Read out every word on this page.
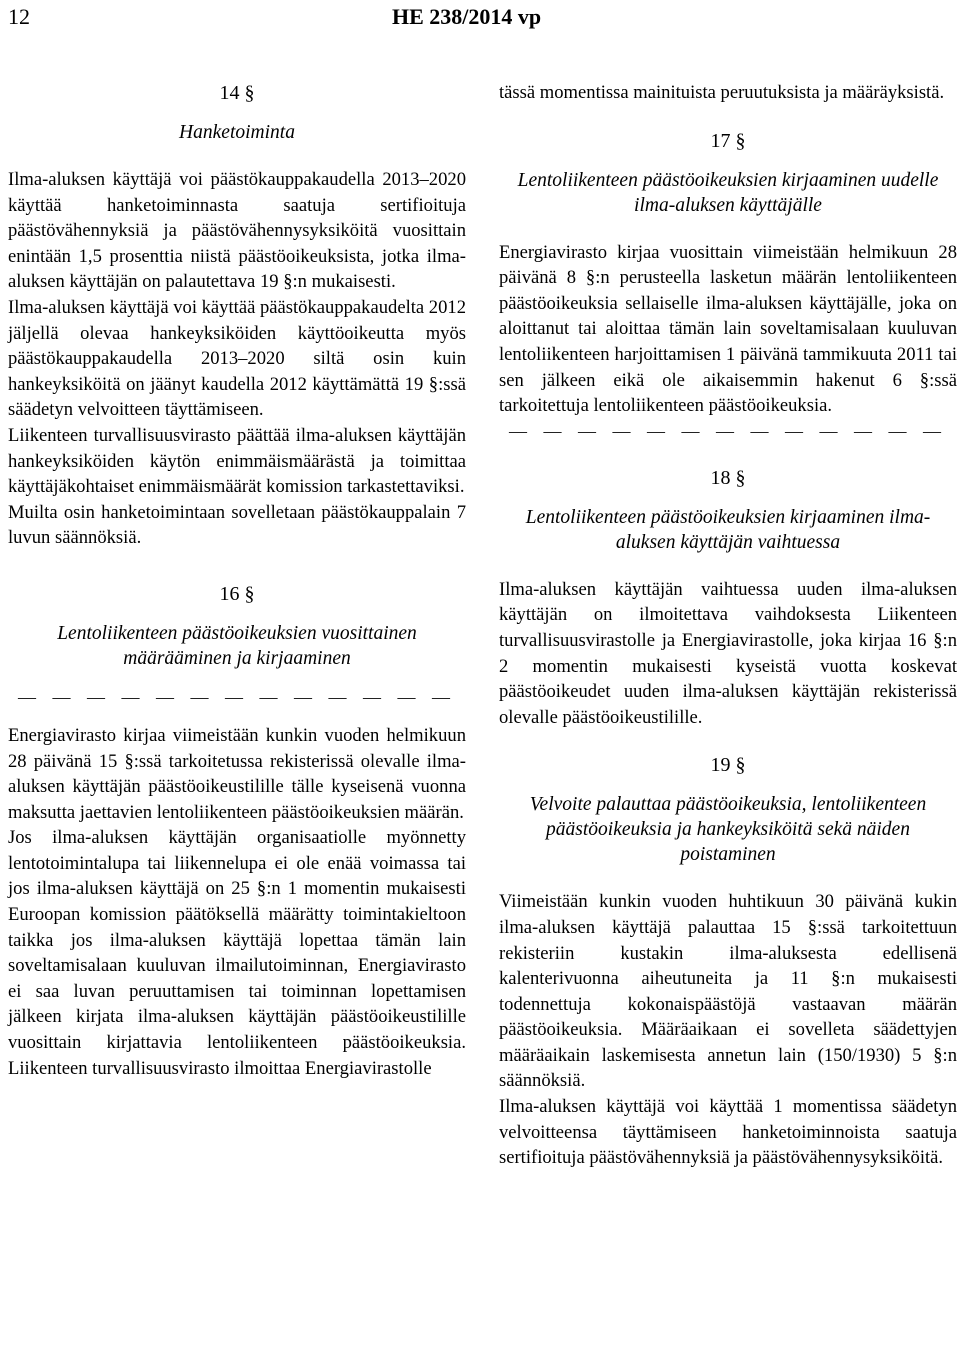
12	HE 238/2014 vp
14 §
Hanketoiminta

Ilma-aluksen käyttäjä voi päästökauppakaudella 2013–2020 käyttää hanketoiminnasta saatuja sertifioituja päästövähennyksiä ja päästövähennysyksiköitä vuosittain enintään 1,5 prosenttia niistä päästöoikeuksista, jotka ilma-aluksen käyttäjän on palautettava 19 §:n mukaisesti.

Ilma-aluksen käyttäjä voi käyttää päästökauppakaudelta 2012 jäljellä olevaa hankeyksiköiden käyttöoikeutta myös päästökauppakaudella 2013–2020 siltä osin kuin hankeyksiköitä on jäänyt kaudella 2012 käyttämättä 19 §:ssä säädetyn velvoitteen täyttämiseen.

Liikenteen turvallisuusvirasto päättää ilma-aluksen käyttäjän hankeyksiköiden käytön enimmäismäärästä ja toimittaa käyttäjäkohtaiset enimmäismäärät komission tarkastettaviksi.

Muilta osin hanketoimintaan sovelletaan päästökauppalain 7 luvun säännöksiä.

16 §
Lentoliikenteen päästöoikeuksien vuosittainen määrääminen ja kirjaaminen
— — — — — — — — — — — — —

Energiavirasto kirjaa viimeistään kunkin vuoden helmikuun 28 päivänä 15 §:ssä tarkoitetussa rekisterissä olevalle ilma-aluksen käyttäjän päästöoikeustilille tälle kyseisenä vuonna maksutta jaettavien lentoliikenteen päästöoikeuksien määrän.

Jos ilma-aluksen käyttäjän organisaatiolle myönnetty lentotoimintalupa tai liikennelupa ei ole enää voimassa tai jos ilma-aluksen käyttäjä on 25 §:n 1 momentin mukaisesti Euroopan komission päätöksellä määrätty toimintakieltoon taikka jos ilma-aluksen käyttäjä lopettaa tämän lain soveltamisalaan kuuluvan ilmailutoiminnan, Energiavirasto ei saa luvan peruuttamisen tai toiminnan lopettamisen jälkeen kirjata ilma-aluksen käyttäjän päästöoikeustilille vuosittain kirjattavia lentoliikenteen päästöoikeuksia. Liikenteen turvallisuusvirasto ilmoittaa Energiavirastolle

tässä momentissa mainituista peruutuksista ja määräyksistä.

17 §
Lentoliikenteen päästöoikeuksien kirjaaminen uudelle ilma-aluksen käyttäjälle

Energiavirasto kirjaa vuosittain viimeistään helmikuun 28 päivänä 8 §:n perusteella lasketun määrän lentoliikenteen päästöoikeuksia sellaiselle ilma-aluksen käyttäjälle, joka on aloittanut tai aloittaa tämän lain soveltamisalaan kuuluvan lentoliikenteen harjoittamisen 1 päivänä tammikuuta 2011 tai sen jälkeen eikä ole aikaisemmin hakenut 6 §:ssä tarkoitettuja lentoliikenteen päästöoikeuksia.

— — — — — — — — — — — — —
18 §
Lentoliikenteen päästöoikeuksien kirjaaminen ilma-aluksen käyttäjän vaihtuessa

Ilma-aluksen käyttäjän vaihtuessa uuden ilma-aluksen käyttäjän on ilmoitettava vaihdoksesta Liikenteen turvallisuusvirastolle ja Energiavirastolle, joka kirjaa 16 §:n 2 momentin mukaisesti kyseistä vuotta koskevat päästöoikeudet uuden ilma-aluksen käyttäjän rekisterissä olevalle päästöoikeustilille.

19 §
Velvoite palauttaa päästöoikeuksia, lentoliikenteen päästöoikeuksia ja hankeyksiköitä sekä näiden poistaminen

Viimeistään kunkin vuoden huhtikuun 30 päivänä kukin ilma-aluksen käyttäjä palauttaa 15 §:ssä tarkoitettuun rekisteriin kustakin ilma-aluksesta edellisenä kalenterivuonna aiheutuneita ja 11 §:n mukaisesti todennettuja kokonaispäästöjä vastaavan määrän päästöoikeuksia. Määräaikaan ei sovelleta säädettyjen määräaikain laskemisesta annetun lain (150/1930) 5 §:n säännöksiä.

Ilma-aluksen käyttäjä voi käyttää 1 momentissa säädetyn velvoitteensa täyttämiseen hanketoiminnoista saatuja sertifioituja päästövähennyksiä ja päästövähennysyksiköitä.
